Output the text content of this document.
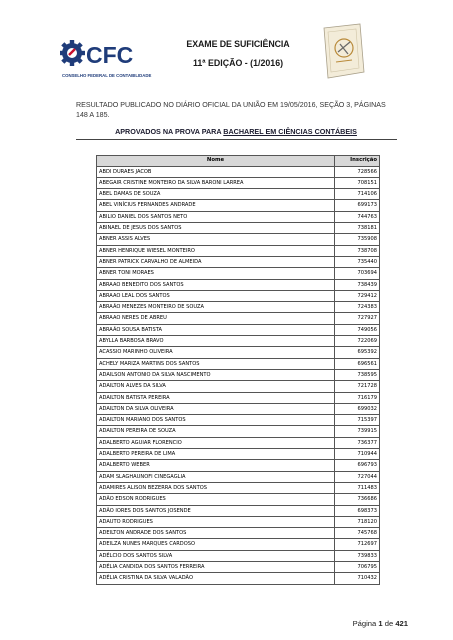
CFC
CONSELHO FEDERAL DE CONTABILIDADE
EXAME DE SUFICIÊNCIA
11ª EDIÇÃO - (1/2016)
RESULTADO PUBLICADO NO DIÁRIO OFICIAL DA UNIÃO EM 19/05/2016, SEÇÃO 3, PÁGINAS 148 A 185.
APROVADOS NA PROVA PARA BACHAREL EM CIÊNCIAS CONTÁBEIS
Nome	Inscrição
ABDI DURAES JACOB	728566
ABEGAIR CRISTINE MONTEIRO DA SILVA BARONI LARREA	708151
ABEL DAMAS DE SOUZA	714106
ABEL VINÍCIUS FERNANDES ANDRADE	699173
ABILIO DANIEL DOS SANTOS NETO	744763
ABINAEL DE JESUS DOS SANTOS	738181
ABNER ASSIS ALVES	735908
ABNER HENRIQUE WIESEL MONTEIRO	738708
ABNER PATRICK CARVALHO DE ALMEIDA	735440
ABNER TONI MORAES	703694
ABRAAO BENEDITO DOS SANTOS	738439
ABRAAO LEAL DOS SANTOS	729412
ABRAÃO MENEZES MONTEIRO DE SOUZA	724383
ABRAAO NERES DE ABREU	727927
ABRAÃO SOUSA BATISTA	749056
ABYLLA BARBOSA BRAVO	722069
ACASSIO MARINHO OLIVEIRA	695392
ACHELY MARIZA MARTINS DOS SANTOS	696561
ADAILSON ANTONIO DA SILVA NASCIMENTO	738595
ADAILTON ALVES DA SILVA	721728
ADAILTON BATISTA PEREIRA	716179
ADAILTON DA SILVA OLIVEIRA	699032
ADAILTON MARIANO DOS SANTOS	715397
ADAILTON PEREIRA DE SOUZA	739915
ADALBERTO AGUIAR FLORENCIO	736377
ADALBERTO PEREIRA DE LIMA	710944
ADALBERTO WEBER	696793
ADAM SLAGHAUNOFI CINEGAGLIA	727044
ADAMIRES ALISON BEZERRA DOS SANTOS	711483
ADÃO EDSON RODRIGUES	736686
ADÃO IORES DOS SANTOS JOSENDE	698373
ADAUTO RODRIGUES	718120
ADEILTON ANDRADE DOS SANTOS	745768
ADEILZA NUNES MARQUES CARDOSO	712697
ADÉLCIO DOS SANTOS SILVA	739833
ADÉLIA CANDIDA DOS SANTOS FERREIRA	706795
ADÉLIA CRISTINA DA SILVA VALADÃO	710432
Página 1 de 421
